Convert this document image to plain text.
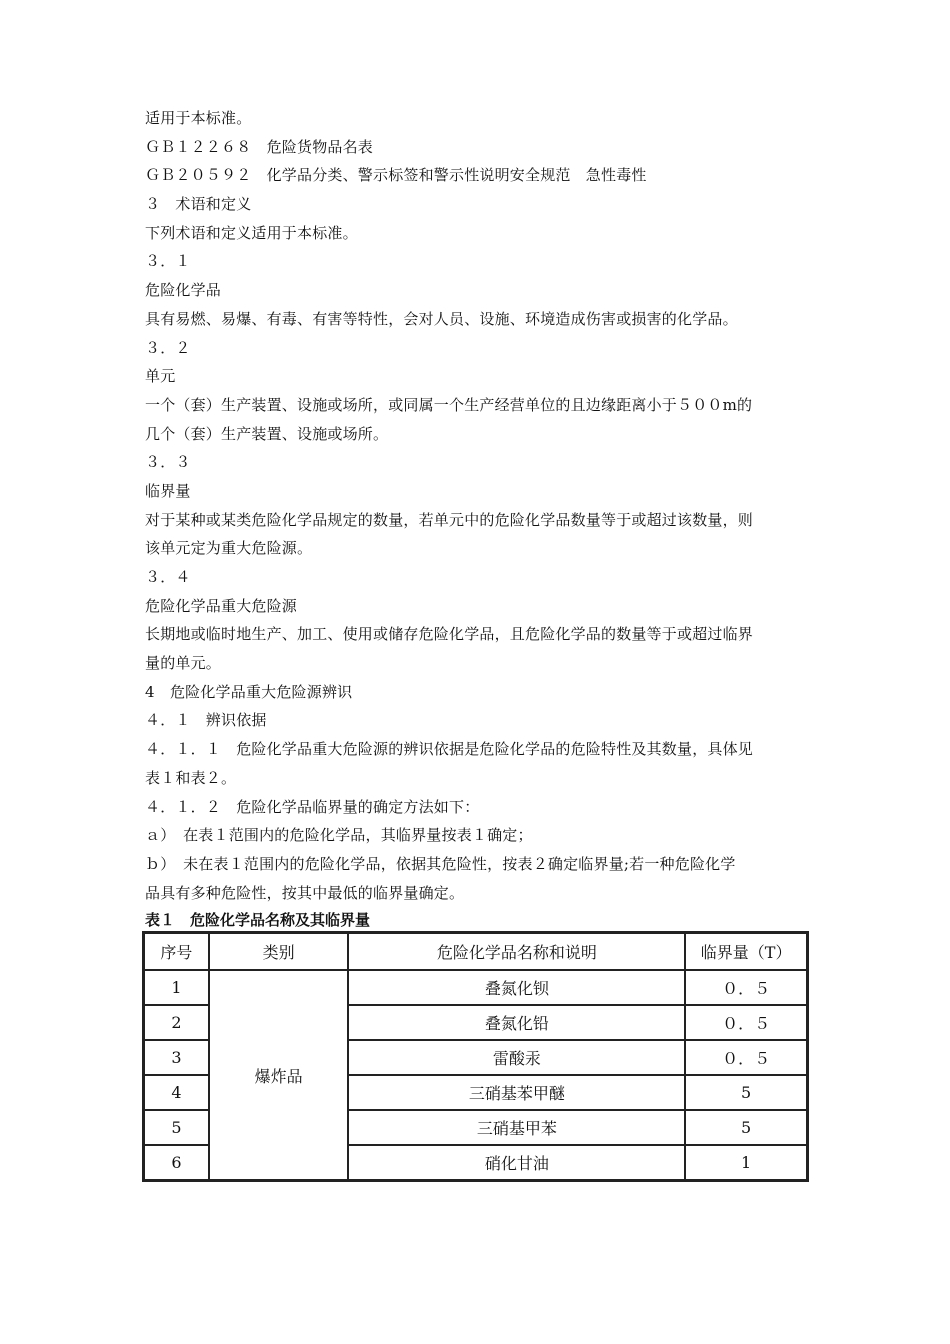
适用于本标准。
ＧＢ１２２６８　危险货物品名表
ＧＢ２０５９２　化学品分类、警示标签和警示性说明安全规范　急性毒性
３　术语和定义
下列术语和定义适用于本标准。
３．１
危险化学品
具有易燃、易爆、有毒、有害等特性，会对人员、设施、环境造成伤害或损害的化学品。
３．２
单元
一个（套）生产装置、设施或场所，或同属一个生产经营单位的且边缘距离小于５００m的
几个（套）生产装置、设施或场所。
３．３
临界量
对于某种或某类危险化学品规定的数量，若单元中的危险化学品数量等于或超过该数量，则
该单元定为重大危险源。
３．４
危险化学品重大危险源
长期地或临时地生产、加工、使用或储存危险化学品，且危险化学品的数量等于或超过临界
量的单元。
4　危险化学品重大危险源辨识
４．１　辨识依据
４．１．１　危险化学品重大危险源的辨识依据是危险化学品的危险特性及其数量，具体见
表１和表２。
４．１．２　危险化学品临界量的确定方法如下：
ａ）　在表１范围内的危险化学品，其临界量按表１确定；
ｂ）　未在表１范围内的危险化学品，依据其危险性，按表２确定临界量;若一种危险化学
品具有多种危险性，按其中最低的临界量确定。
表１　危险化学品名称及其临界量
序号	类别	危险化学品名称和说明	临界量（T）
1	爆炸品	叠氮化钡	０．５
2		叠氮化铅	０．５
3		雷酸汞	０．５
4		三硝基苯甲醚	5
5		三硝基甲苯	5
6		硝化甘油	1
